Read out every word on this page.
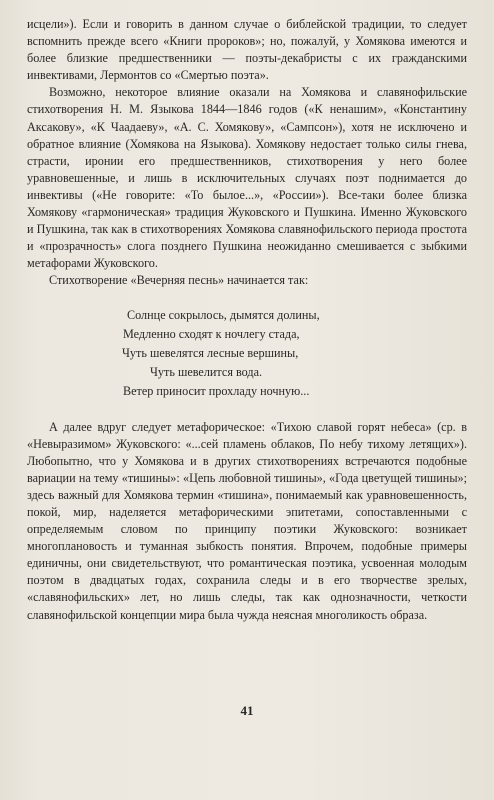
исцели»). Если и говорить в данном случае о библейской традиции, то следует вспомнить прежде всего «Книги пророков»; но, пожалуй, у Хомякова имеются и более близкие предшественники — поэты-декабристы с их гражданскими инвективами, Лермонтов со «Смертью поэта».

Возможно, некоторое влияние оказали на Хомякова и славянофильские стихотворения Н. М. Языкова 1844—1846 годов («К ненашим», «Константину Аксакову», «К Чаадаеву», «А. С. Хомякову», «Сампсон»), хотя не исключено и обратное влияние (Хомякова на Языкова). Хомякову недостает только силы гнева, страсти, иронии его предшественников, стихотворения у него более уравновешенные, и лишь в исключительных случаях поэт поднимается до инвективы («Не говорите: «То былое...», «России»). Все-таки более близка Хомякову «гармоническая» традиция Жуковского и Пушкина. Именно Жуковского и Пушкина, так как в стихотворениях Хомякова славянофильского периода простота и «прозрачность» слога позднего Пушкина неожиданно смешивается с зыбкими метафорами Жуковского.

Стихотворение «Вечерняя песнь» начинается так:

Солнце сокрылось, дымятся долины,
Медленно сходят к ночлегу стада,
Чуть шевелятся лесные вершины,
Чуть шевелится вода.
Ветер приносит прохладу ночную...

А далее вдруг следует метафорическое: «Тихою славой горят небеса» (ср. в «Невыразимом» Жуковского: «...сей пламень облаков, По небу тихому летящих»). Любопытно, что у Хомякова и в других стихотворениях встречаются подобные вариации на тему «тишины»: «Цепь любовной тишины», «Года цветущей тишины»; здесь важный для Хомякова термин «тишина», понимаемый как уравновешенность, покой, мир, наделяется метафорическими эпитетами, сопоставленными с определяемым словом по принципу поэтики Жуковского: возникает многоплановость и туманная зыбкость понятия. Впрочем, подобные примеры единичны, они свидетельствуют, что романтическая поэтика, усвоенная молодым поэтом в двадцатых годах, сохранила следы и в его творчестве зрелых, «славянофильских» лет, но лишь следы, так как однозначности, четкости славянофильской концепции мира была чужда неясная многоликость образа.

41
